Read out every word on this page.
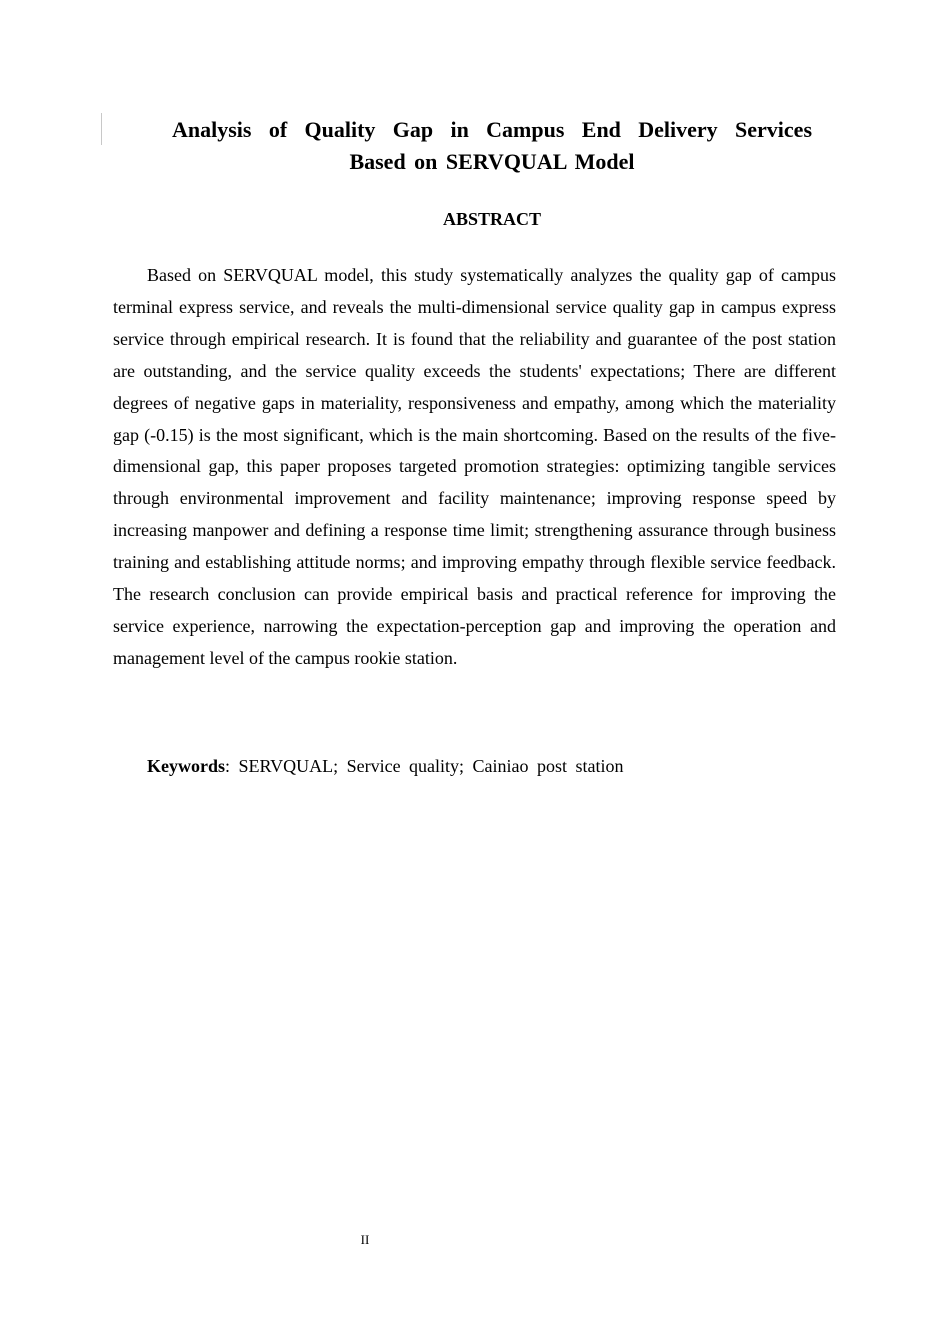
Analysis of Quality Gap in Campus End Delivery Services
Based on SERVQUAL Model
ABSTRACT

Based on SERVQUAL model, this study systematically analyzes the quality gap of campus terminal express service, and reveals the multi-dimensional service quality gap in campus express service through empirical research. It is found that the reliability and guarantee of the post station are outstanding, and the service quality exceeds the students' expectations; There are different degrees of negative gaps in materiality, responsiveness and empathy, among which the materiality gap (-0.15) is the most significant, which is the main shortcoming. Based on the results of the five-dimensional gap, this paper proposes targeted promotion strategies: optimizing tangible services through environmental improvement and facility maintenance; improving response speed by increasing manpower and defining a response time limit; strengthening assurance through business training and establishing attitude norms; and improving empathy through flexible service feedback. The research conclusion can provide empirical basis and practical reference for improving the service experience, narrowing the expectation-perception gap and improving the operation and management level of the campus rookie station.

Keywords: SERVQUAL; Service quality; Cainiao post station

II
